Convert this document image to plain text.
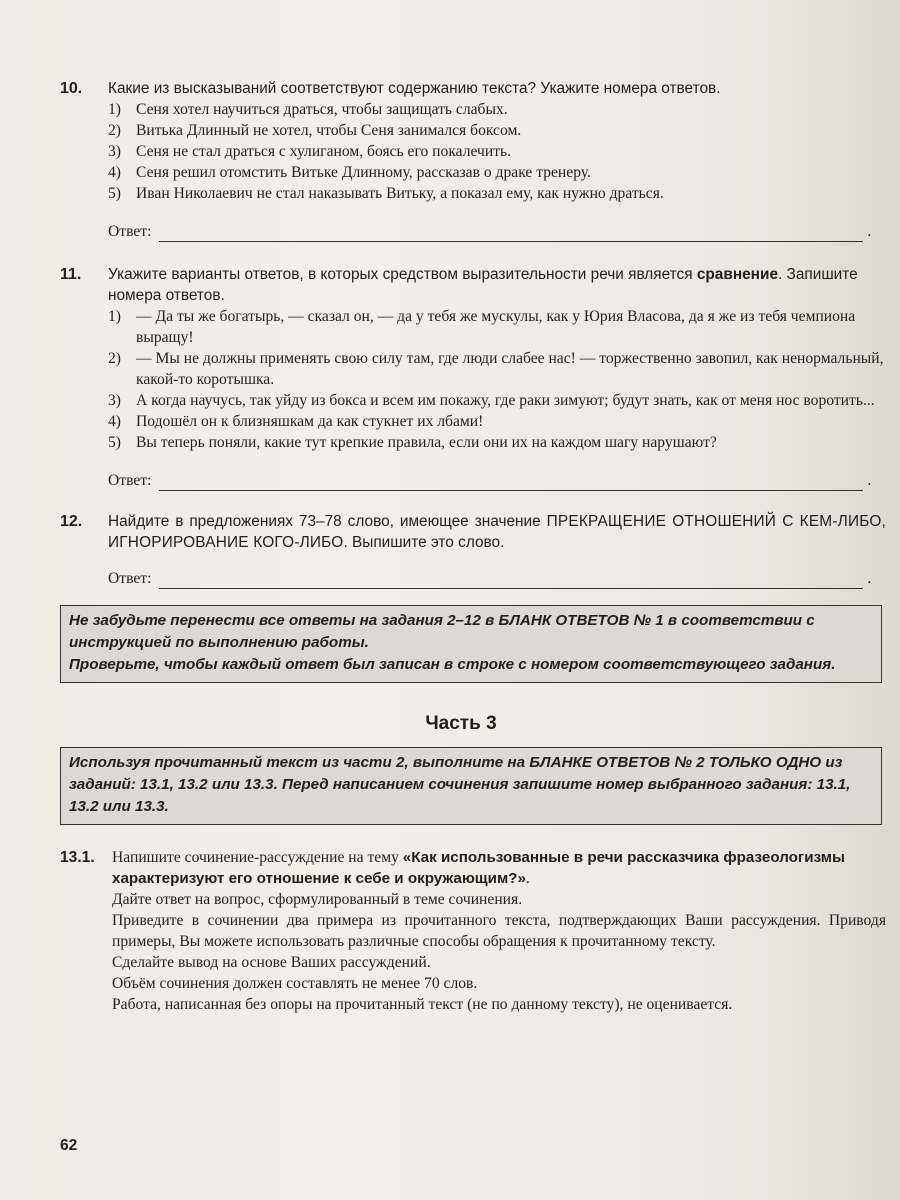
10. Какие из высказываний соответствуют содержанию текста? Укажите номера ответов.
1) Сеня хотел научиться драться, чтобы защищать слабых.
2) Витька Длинный не хотел, чтобы Сеня занимался боксом.
3) Сеня не стал драться с хулиганом, боясь его покалечить.
4) Сеня решил отомстить Витьке Длинному, рассказав о драке тренеру.
5) Иван Николаевич не стал наказывать Витьку, а показал ему, как нужно драться.
Ответ:	.
11. Укажите варианты ответов, в которых средством выразительности речи является сравнение. Запишите номера ответов.
1) — Да ты же богатырь, — сказал он, — да у тебя же мускулы, как у Юрия Власова, да я же из тебя чемпиона выращу!
2) — Мы не должны применять свою силу там, где люди слабее нас! — торжественно завопил, как ненормальный, какой-то коротышка.
3) А когда научусь, так уйду из бокса и всем им покажу, где раки зимуют; будут знать, как от меня нос воротить...
4) Подошёл он к близняшкам да как стукнет их лбами!
5) Вы теперь поняли, какие тут крепкие правила, если они их на каждом шагу нарушают?
Ответ:	.
12. Найдите в предложениях 73–78 слово, имеющее значение ПРЕКРАЩЕНИЕ ОТНОШЕНИЙ С КЕМ-ЛИБО, ИГНОРИРОВАНИЕ КОГО-ЛИБО. Выпишите это слово.
Ответ:	.
Не забудьте перенести все ответы на задания 2–12 в БЛАНК ОТВЕТОВ № 1 в соответствии с инструкцией по выполнению работы.
Проверьте, чтобы каждый ответ был записан в строке с номером соответствующего задания.
Часть 3
Используя прочитанный текст из части 2, выполните на БЛАНКЕ ОТВЕТОВ № 2 ТОЛЬКО ОДНО из заданий: 13.1, 13.2 или 13.3. Перед написанием сочинения запишите номер выбранного задания: 13.1, 13.2 или 13.3.
13.1. Напишите сочинение-рассуждение на тему «Как использованные в речи рассказчика фразеологизмы характеризуют его отношение к себе и окружающим?».
Дайте ответ на вопрос, сформулированный в теме сочинения.
Приведите в сочинении два примера из прочитанного текста, подтверждающих Ваши рассуждения. Приводя примеры, Вы можете использовать различные способы обращения к прочитанному тексту.
Сделайте вывод на основе Ваших рассуждений.
Объём сочинения должен составлять не менее 70 слов.
Работа, написанная без опоры на прочитанный текст (не по данному тексту), не оценивается.
62
